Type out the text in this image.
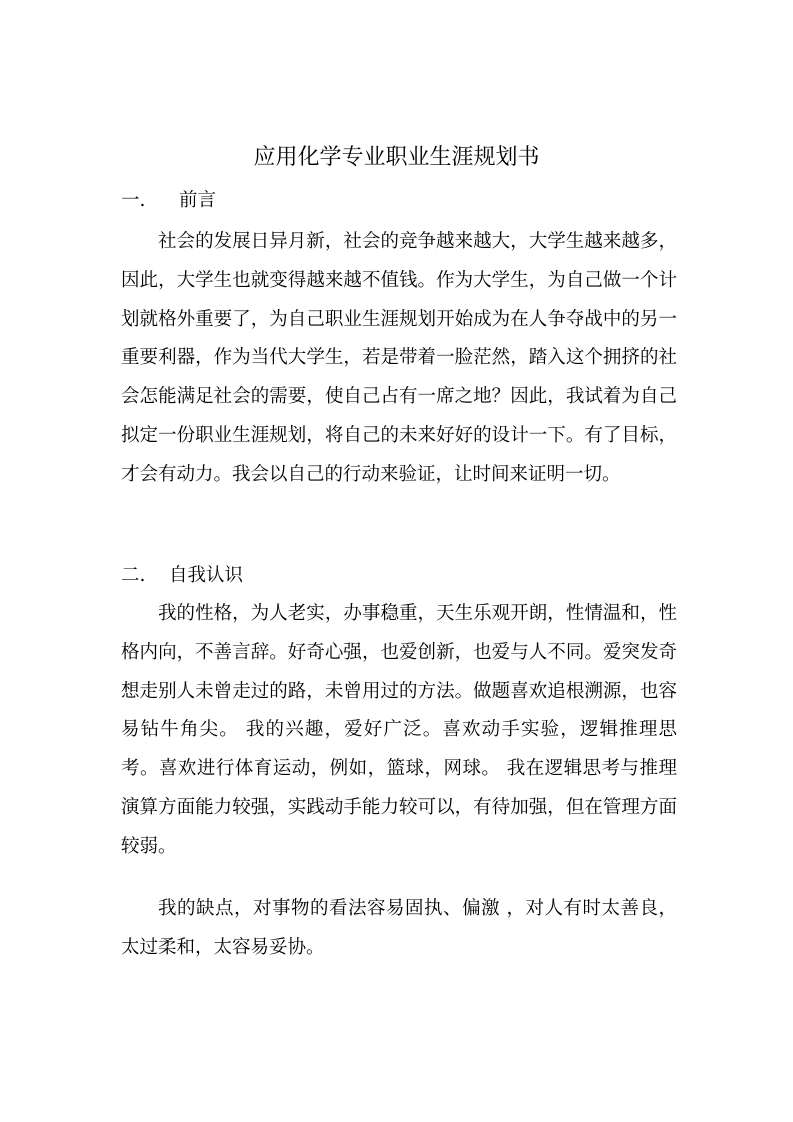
应用化学专业职业生涯规划书
一. 前言

社会的发展日异月新，社会的竞争越来越大，大学生越来越多，因此，大学生也就变得越来越不值钱。作为大学生，为自己做一个计划就格外重要了，为自己职业生涯规划开始成为在人争夺战中的另一重要利器，作为当代大学生，若是带着一脸茫然，踏入这个拥挤的社会怎能满足社会的需要，使自己占有一席之地？因此，我试着为自己拟定一份职业生涯规划，将自己的未来好好的设计一下。有了目标，才会有动力。我会以自己的行动来验证，让时间来证明一切。

二. 自我认识

我的性格，为人老实，办事稳重，天生乐观开朗，性情温和，性格内向，不善言辞。好奇心强，也爱创新，也爱与人不同。爱突发奇想走别人未曾走过的路，未曾用过的方法。做题喜欢追根溯源，也容易钻牛角尖。 我的兴趣，爱好广泛。喜欢动手实验，逻辑推理思考。喜欢进行体育运动，例如，篮球，网球。 我在逻辑思考与推理演算方面能力较强，实践动手能力较可以，有待加强，但在管理方面较弱。

我的缺点，对事物的看法容易固执、偏激 ，对人有时太善良，太过柔和，太容易妥协。
